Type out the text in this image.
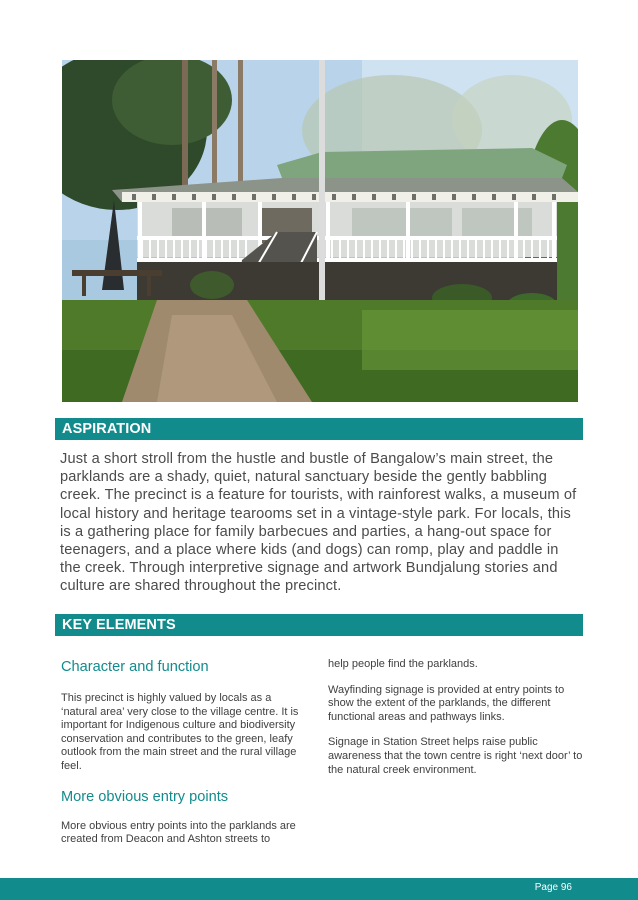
ASPIRATION
Just a short stroll from the hustle and bustle of Bangalow’s main street, the parklands are a shady, quiet, natural sanctuary beside the gently babbling creek. The precinct is a feature for tourists, with rainforest walks, a museum of local history and heritage tearooms set in a vintage-style park. For locals, this is a gathering place for family barbecues and parties, a hang-out space for teenagers, and a place where kids (and dogs) can romp, play and paddle in the creek. Through interpretive signage and artwork Bundjalung stories and culture are shared throughout the precinct.
KEY ELEMENTS
Character and function

This precinct is highly valued by locals as a ‘natural area’ very close to the village centre. It is important for Indigenous culture and biodiversity conservation and contributes to the green, leafy outlook from the main street and the rural village feel.

More obvious entry points

More obvious entry points into the parklands are created from Deacon and Ashton streets to

help people find the parklands.

Wayfinding signage is provided at entry points to show the extent of the parklands, the different functional areas and pathways links.

Signage in Station Street helps raise public awareness that the town centre is right ‘next door’ to the natural creek environment.

Page 96
